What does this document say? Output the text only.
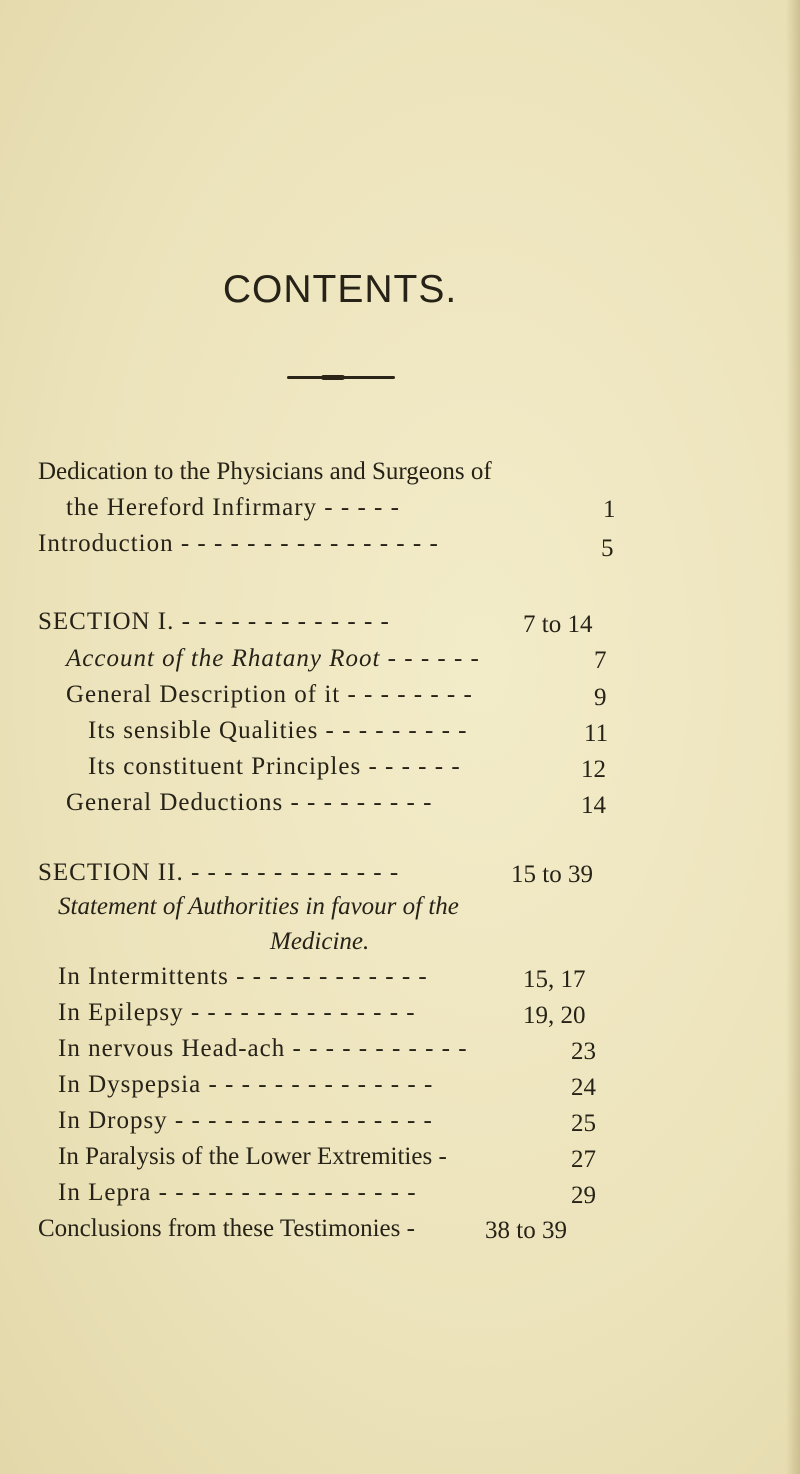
CONTENTS.
Dedication to the Physicians and Surgeons of
the Hereford Infirmary - - - - -	1
Introduction - - - - - - - - - - - - - - - -	5
SECTION I. - - - - - - - - - - - - -	7 to 14
Account of the Rhatany Root - - - - - -	7
General Description of it - - - - - - - -	9
Its sensible Qualities - - - - - - - - -	11
Its constituent Principles - - - - - -	12
General Deductions - - - - - - - - -	14
SECTION II. - - - - - - - - - - - - -	15 to 39
Statement of Authorities in favour of the
Medicine.
In Intermittents - - - - - - - - - - - -	15, 17
In Epilepsy - - - - - - - - - - - - - -	19, 20
In nervous Head-ach - - - - - - - - - - -	23
In Dyspepsia - - - - - - - - - - - - - -	24
In Dropsy - - - - - - - - - - - - - - - -	25
In Paralysis of the Lower Extremities -	27
In Lepra - - - - - - - - - - - - - - - -	29
Conclusions from these Testimonies -	38 to 39
